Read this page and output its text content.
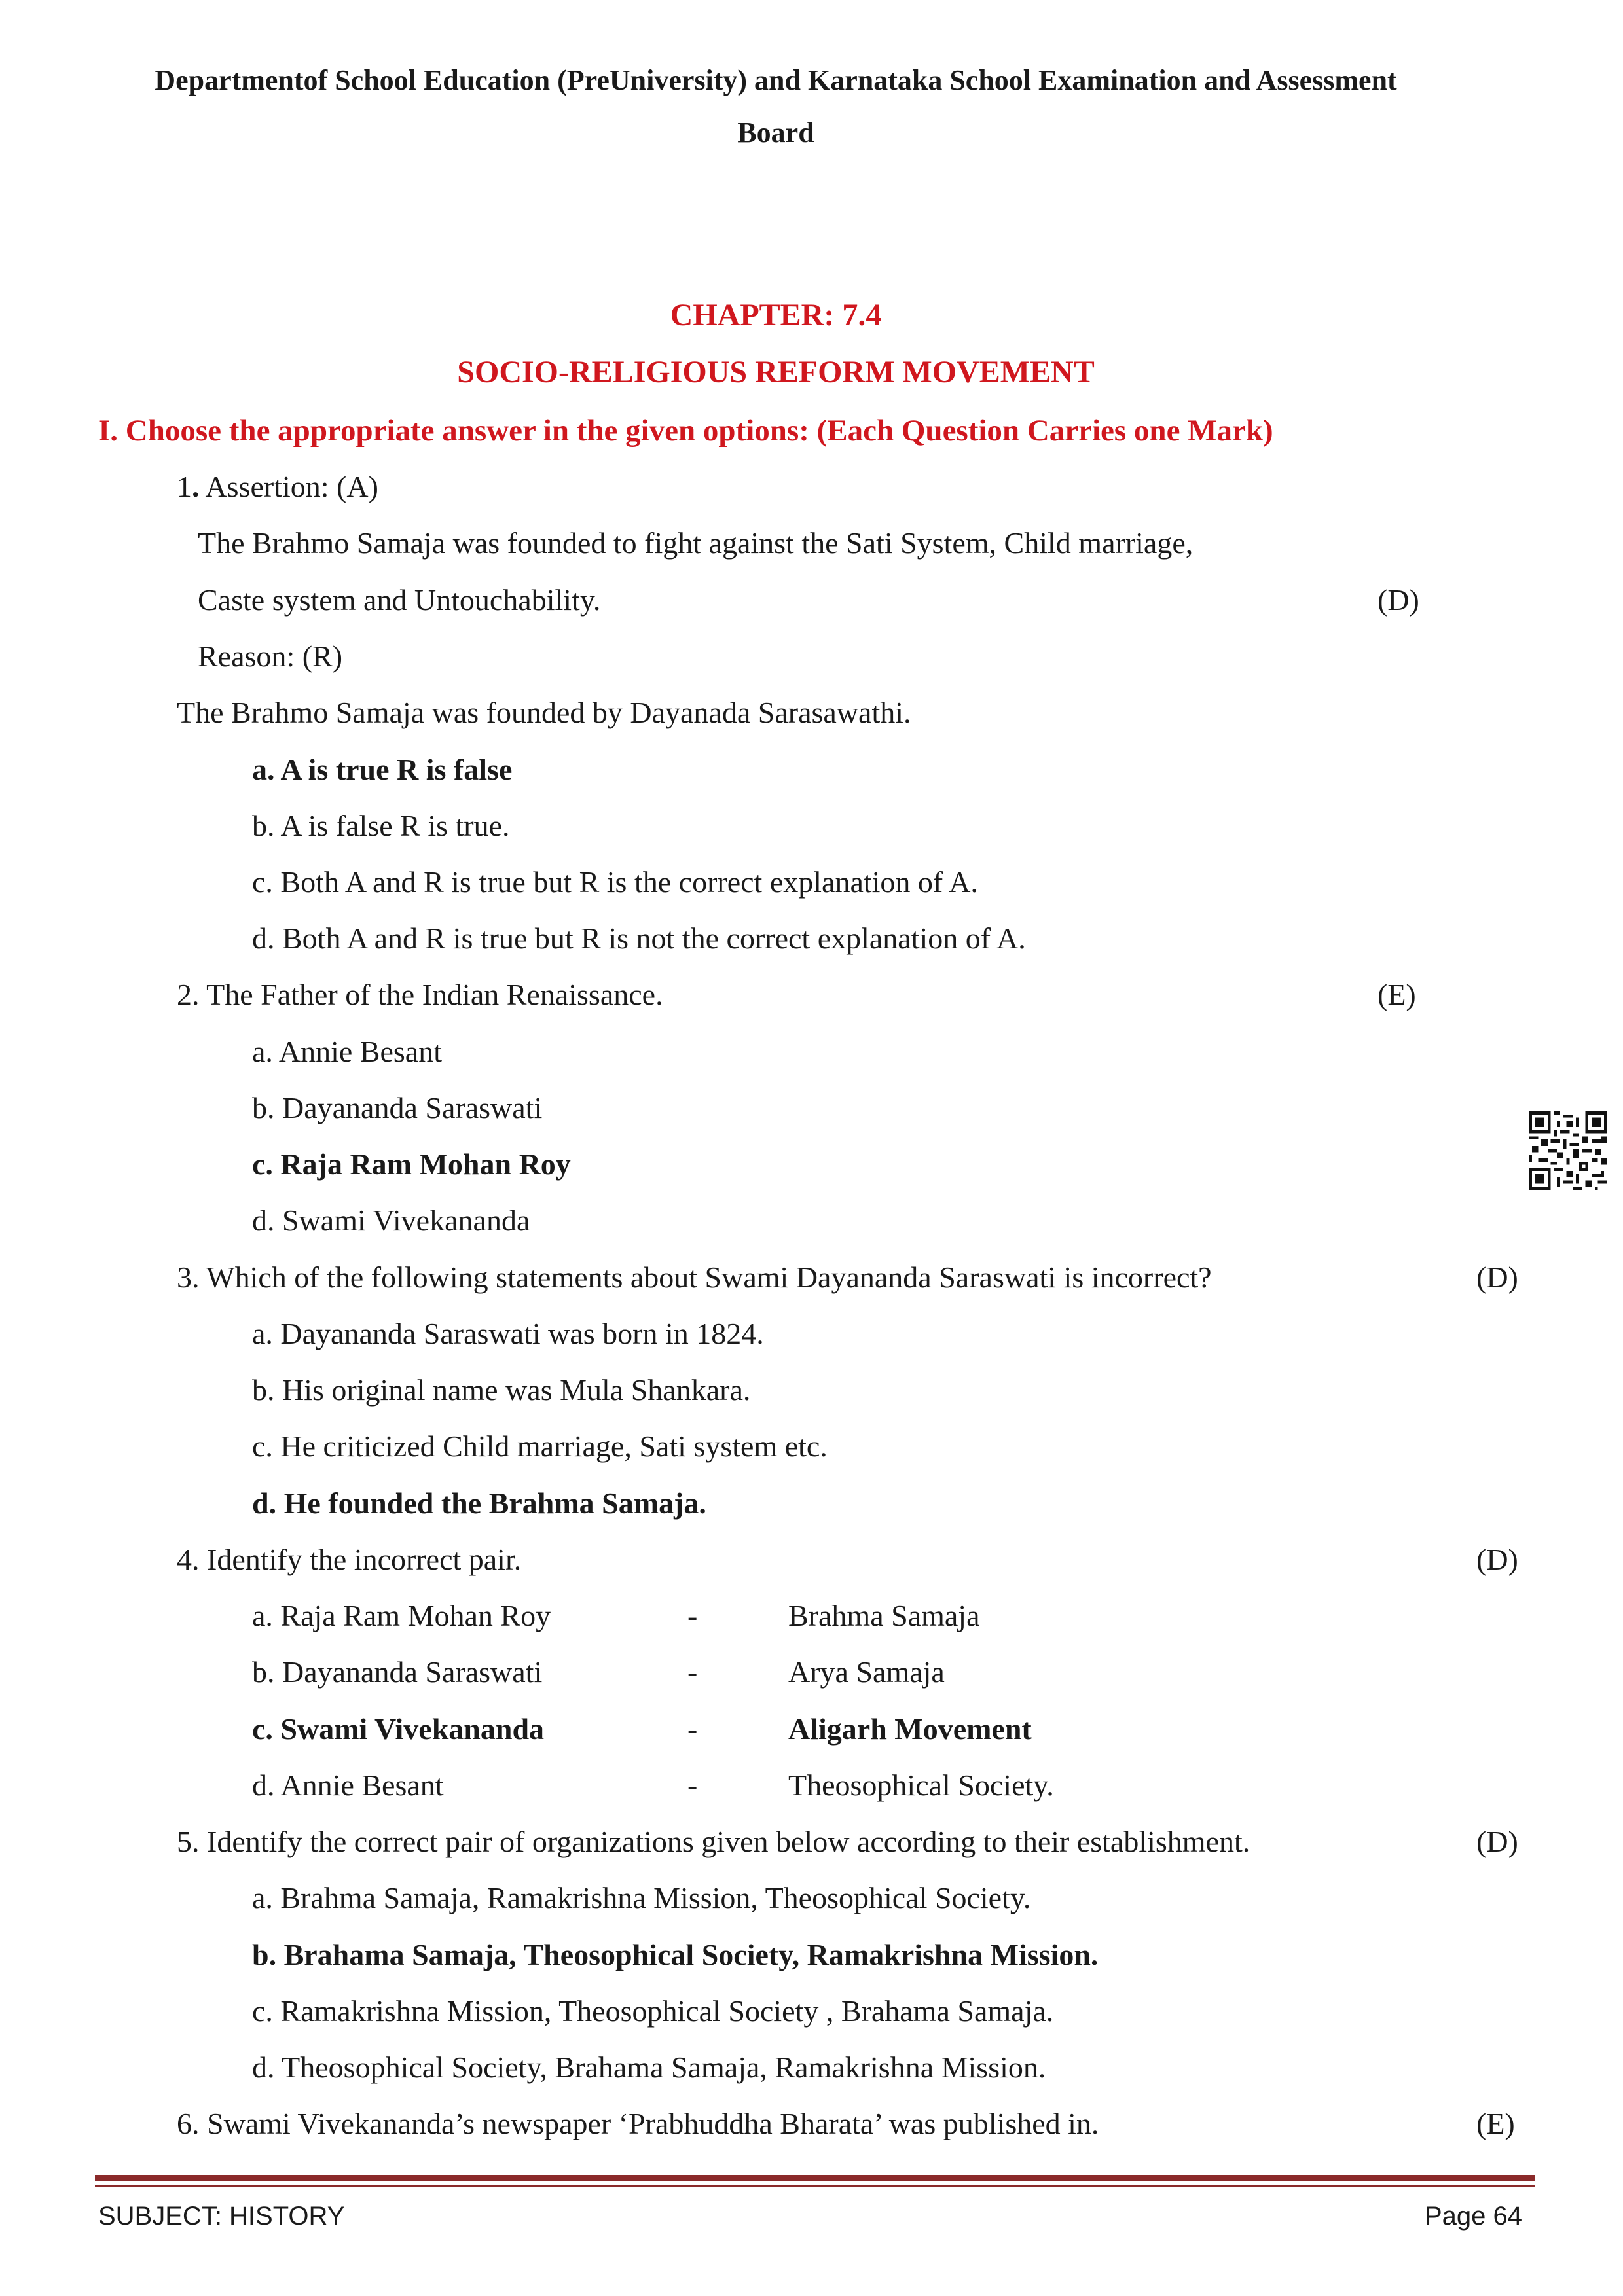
Departmentof School Education (PreUniversity) and Karnataka School Examination and Assessment
Board
CHAPTER: 7.4
SOCIO-RELIGIOUS REFORM MOVEMENT
I. Choose the appropriate answer in the given options: (Each Question Carries one Mark)
1. Assertion: (A)
The Brahmo Samaja was founded to fight against the Sati System, Child marriage,
Caste system and Untouchability.	(D)
Reason: (R)
The Brahmo Samaja was founded by Dayanada Sarasawathi.
a. A is true R is false
b. A is false R is true.
c. Both A and R is true but R is the correct explanation of A.
d. Both A and R is true but R is not the correct explanation of A.
2. The Father of the Indian Renaissance.	(E)
a. Annie Besant
b. Dayananda Saraswati
c. Raja Ram Mohan Roy
d. Swami Vivekananda
3. Which of the following statements about Swami Dayananda Saraswati is incorrect?	(D)
a. Dayananda Saraswati was born in 1824.
b. His original name was Mula Shankara.
c. He criticized Child marriage, Sati system etc.
d. He founded the Brahma Samaja.
4. Identify the incorrect pair.	(D)
a. Raja Ram Mohan Roy	-	Brahma Samaja
b. Dayananda Saraswati	-	Arya Samaja
c. Swami Vivekananda	-	Aligarh Movement
d. Annie Besant	-	Theosophical Society.
5. Identify the correct pair of organizations given below according to their establishment.	(D)
a. Brahma Samaja, Ramakrishna Mission, Theosophical Society.
b. Brahama Samaja, Theosophical Society, Ramakrishna Mission.
c. Ramakrishna Mission, Theosophical Society , Brahama Samaja.
d. Theosophical Society, Brahama Samaja, Ramakrishna Mission.
6. Swami Vivekananda’s newspaper ‘Prabhuddha Bharata’ was published in.	(E)
SUBJECT: HISTORY	Page 64
